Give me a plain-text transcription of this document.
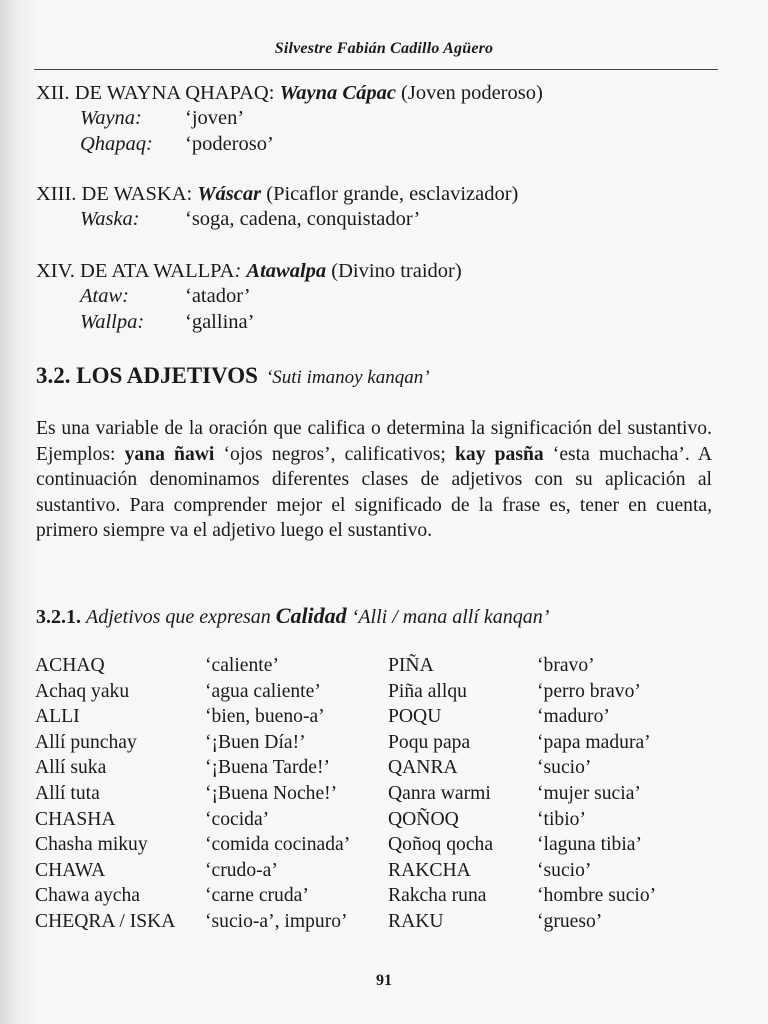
Silvestre Fabián Cadillo Agüero
XII. DE WAYNA QHAPAQ: Wayna Cápac (Joven poderoso)
Wayna: ‘joven’
Qhapaq: ‘poderoso’
XIII. DE WASKA: Wáscar (Picaflor grande, esclavizador)
Waska: ‘soga, cadena, conquistador’
XIV. DE ATA WALLPA: Atawalpa (Divino traidor)
Ataw:	‘atador’
Wallpa: ‘gallina’
3.2. LOS ADJETIVOS ‘Suti imanoy kanqan’
Es una variable de la oración que califica o determina la significación del sustantivo. Ejemplos: yana ñawi ‘ojos negros’, calificativos; kay pasña ‘esta muchacha’. A continuación denominamos diferentes clases de adjetivos con su aplicación al sustantivo. Para comprender mejor el significado de la frase es, tener en cuenta, primero siempre va el adjetivo luego el sustantivo.
3.2.1. Adjetivos que expresan Calidad ‘Alli / mana allí kanqan’
ACHAQ	‘caliente’	PIÑA	‘bravo’
Achaq yaku	‘agua caliente’	Piña allqu	‘perro bravo’
ALLI	‘bien, bueno-a’	POQU	‘maduro’
Allí punchay	‘¡Buen Día!’	Poqu papa	‘papa madura’
Allí suka	‘¡Buena Tarde!’	QANRA	‘sucio’
Allí tuta	‘¡Buena Noche!’	Qanra warmi ‘mujer sucia’
CHASHA	‘cocida’	QOÑOQ	‘tibio’
Chasha mikuy	‘comida cocinada’ Qoñoq qocha ‘laguna tibia’
CHAWA	‘crudo-a’	RAKCHA	‘sucio’
Chawa aycha	‘carne cruda’	Rakcha runa	‘hombre sucio’
CHEQRA / ISKA ‘sucio-a’, impuro’ RAKU	‘grueso’
91
